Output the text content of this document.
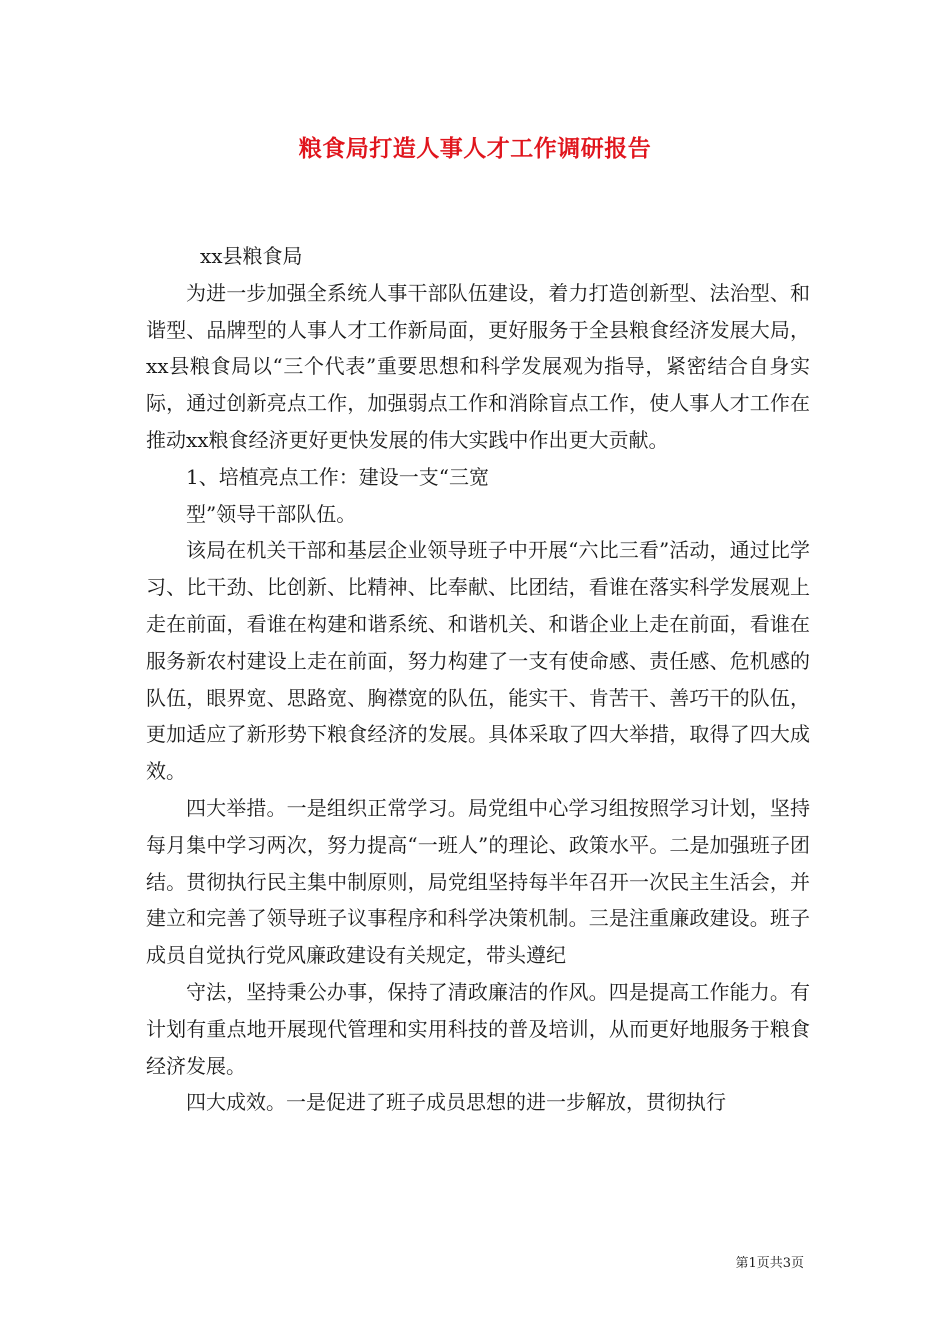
粮食局打造人事人才工作调研报告
xx县粮食局

为进一步加强全系统人事干部队伍建设，着力打造创新型、法治型、和谐型、品牌型的人事人才工作新局面，更好服务于全县粮食经济发展大局，xx县粮食局以“三个代表”重要思想和科学发展观为指导，紧密结合自身实际，通过创新亮点工作，加强弱点工作和消除盲点工作，使人事人才工作在推动xx粮食经济更好更快发展的伟大实践中作出更大贡献。

1、培植亮点工作：建设一支“三宽

型”领导干部队伍。

该局在机关干部和基层企业领导班子中开展“六比三看”活动，通过比学习、比干劲、比创新、比精神、比奉献、比团结，看谁在落实科学发展观上走在前面，看谁在构建和谐系统、和谐机关、和谐企业上走在前面，看谁在服务新农村建设上走在前面，努力构建了一支有使命感、责任感、危机感的队伍，眼界宽、思路宽、胸襟宽的队伍，能实干、肯苦干、善巧干的队伍，更加适应了新形势下粮食经济的发展。具体采取了四大举措，取得了四大成效。

四大举措。一是组织正常学习。局党组中心学习组按照学习计划，坚持每月集中学习两次，努力提高“一班人”的理论、政策水平。二是加强班子团结。贯彻执行民主集中制原则，局党组坚持每半年召开一次民主生活会，并建立和完善了领导班子议事程序和科学决策机制。三是注重廉政建设。班子成员自觉执行党风廉政建设有关规定，带头遵纪

守法，坚持秉公办事，保持了清政廉洁的作风。四是提高工作能力。有计划有重点地开展现代管理和实用科技的普及培训，从而更好地服务于粮食经济发展。

四大成效。一是促进了班子成员思想的进一步解放，贯彻执行

第1页共3页
